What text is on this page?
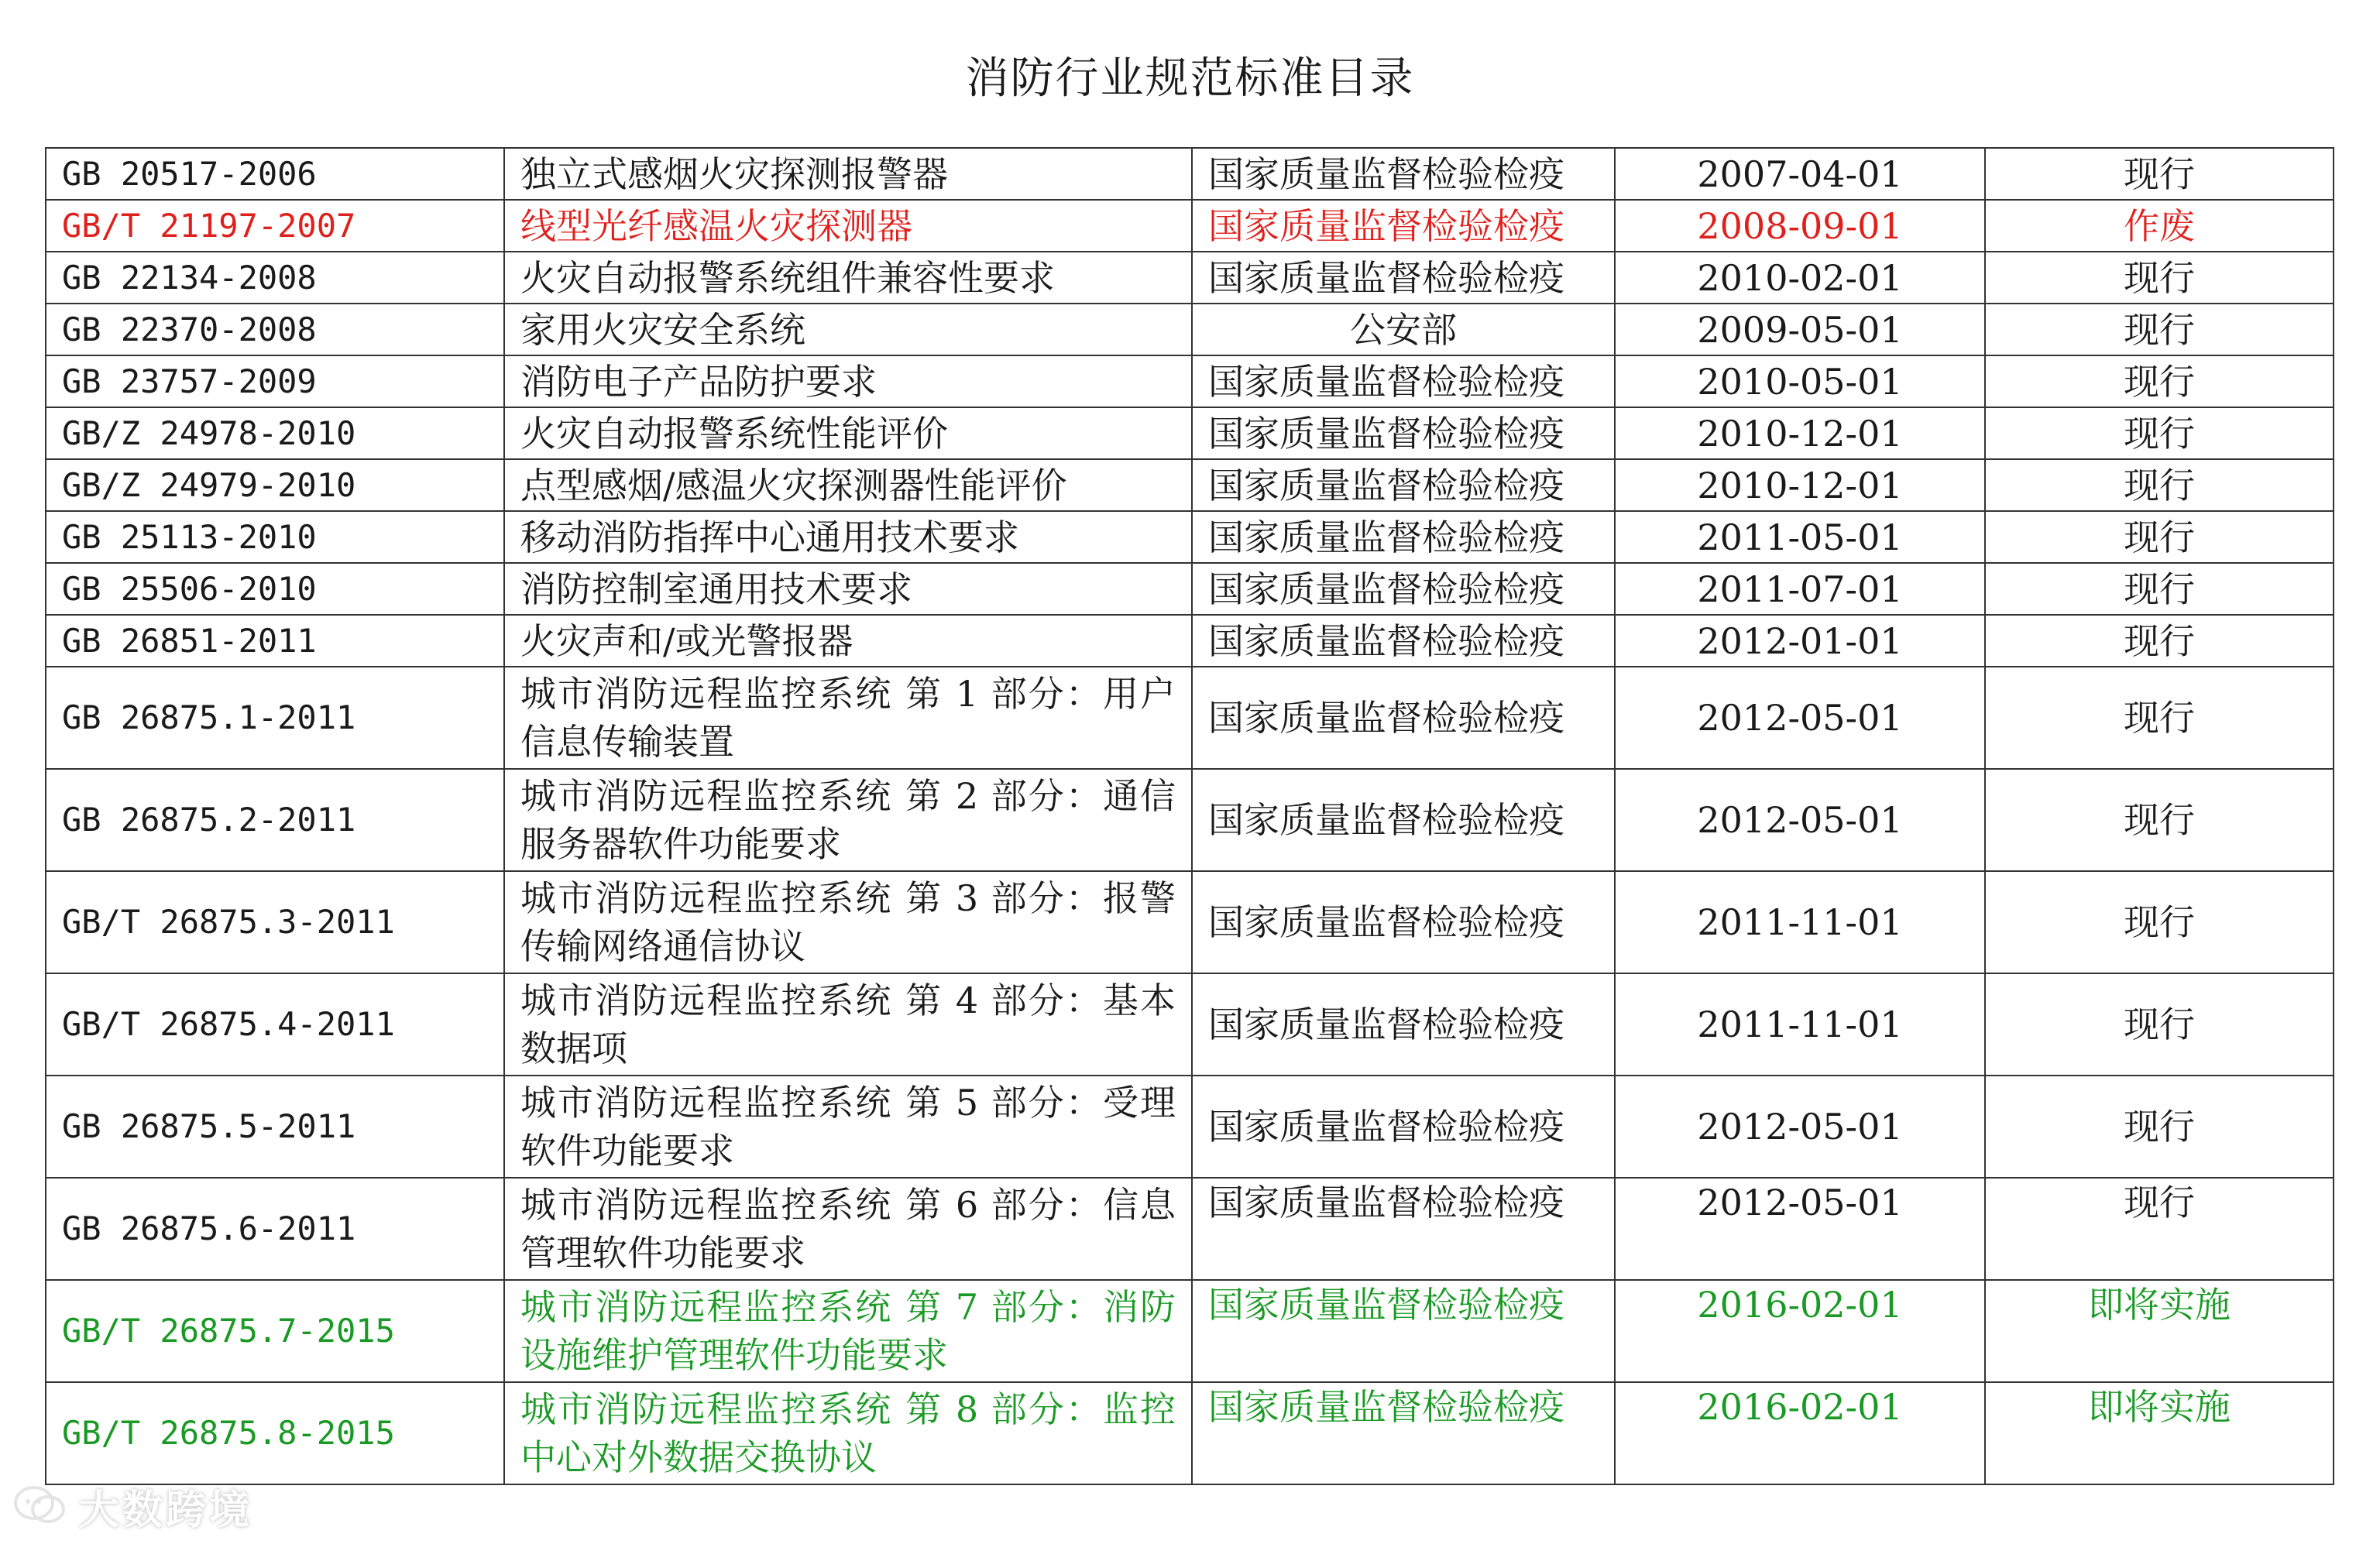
消防行业规范标准目录
GB 20517-2006	独立式感烟火灾探测报警器	国家质量监督检验检疫	2007-04-01	现行
GB/T 21197-2007	线型光纤感温火灾探测器	国家质量监督检验检疫	2008-09-01	作废
GB 22134-2008	火灾自动报警系统组件兼容性要求	国家质量监督检验检疫	2010-02-01	现行
GB 22370-2008	家用火灾安全系统	公安部	2009-05-01	现行
GB 23757-2009	消防电子产品防护要求	国家质量监督检验检疫	2010-05-01	现行
GB/Z 24978-2010	火灾自动报警系统性能评价	国家质量监督检验检疫	2010-12-01	现行
GB/Z 24979-2010	点型感烟/感温火灾探测器性能评价	国家质量监督检验检疫	2010-12-01	现行
GB 25113-2010	移动消防指挥中心通用技术要求	国家质量监督检验检疫	2011-05-01	现行
GB 25506-2010	消防控制室通用技术要求	国家质量监督检验检疫	2011-07-01	现行
GB 26851-2011	火灾声和/或光警报器	国家质量监督检验检疫	2012-01-01	现行
GB 26875.1-2011	城市消防远程监控系统 第 1 部分：用户信息传输装置	国家质量监督检验检疫	2012-05-01	现行
GB 26875.2-2011	城市消防远程监控系统 第 2 部分：通信服务器软件功能要求	国家质量监督检验检疫	2012-05-01	现行
GB/T 26875.3-2011	城市消防远程监控系统 第 3 部分：报警传输网络通信协议	国家质量监督检验检疫	2011-11-01	现行
GB/T 26875.4-2011	城市消防远程监控系统 第 4 部分：基本数据项	国家质量监督检验检疫	2011-11-01	现行
GB 26875.5-2011	城市消防远程监控系统 第 5 部分：受理软件功能要求	国家质量监督检验检疫	2012-05-01	现行
GB 26875.6-2011	城市消防远程监控系统 第 6 部分：信息管理软件功能要求	国家质量监督检验检疫	2012-05-01	现行
GB/T 26875.7-2015	城市消防远程监控系统 第 7 部分：消防设施维护管理软件功能要求	国家质量监督检验检疫	2016-02-01	即将实施
GB/T 26875.8-2015	城市消防远程监控系统 第 8 部分：监控中心对外数据交换协议	国家质量监督检验检疫	2016-02-01	即将实施
大数跨境
